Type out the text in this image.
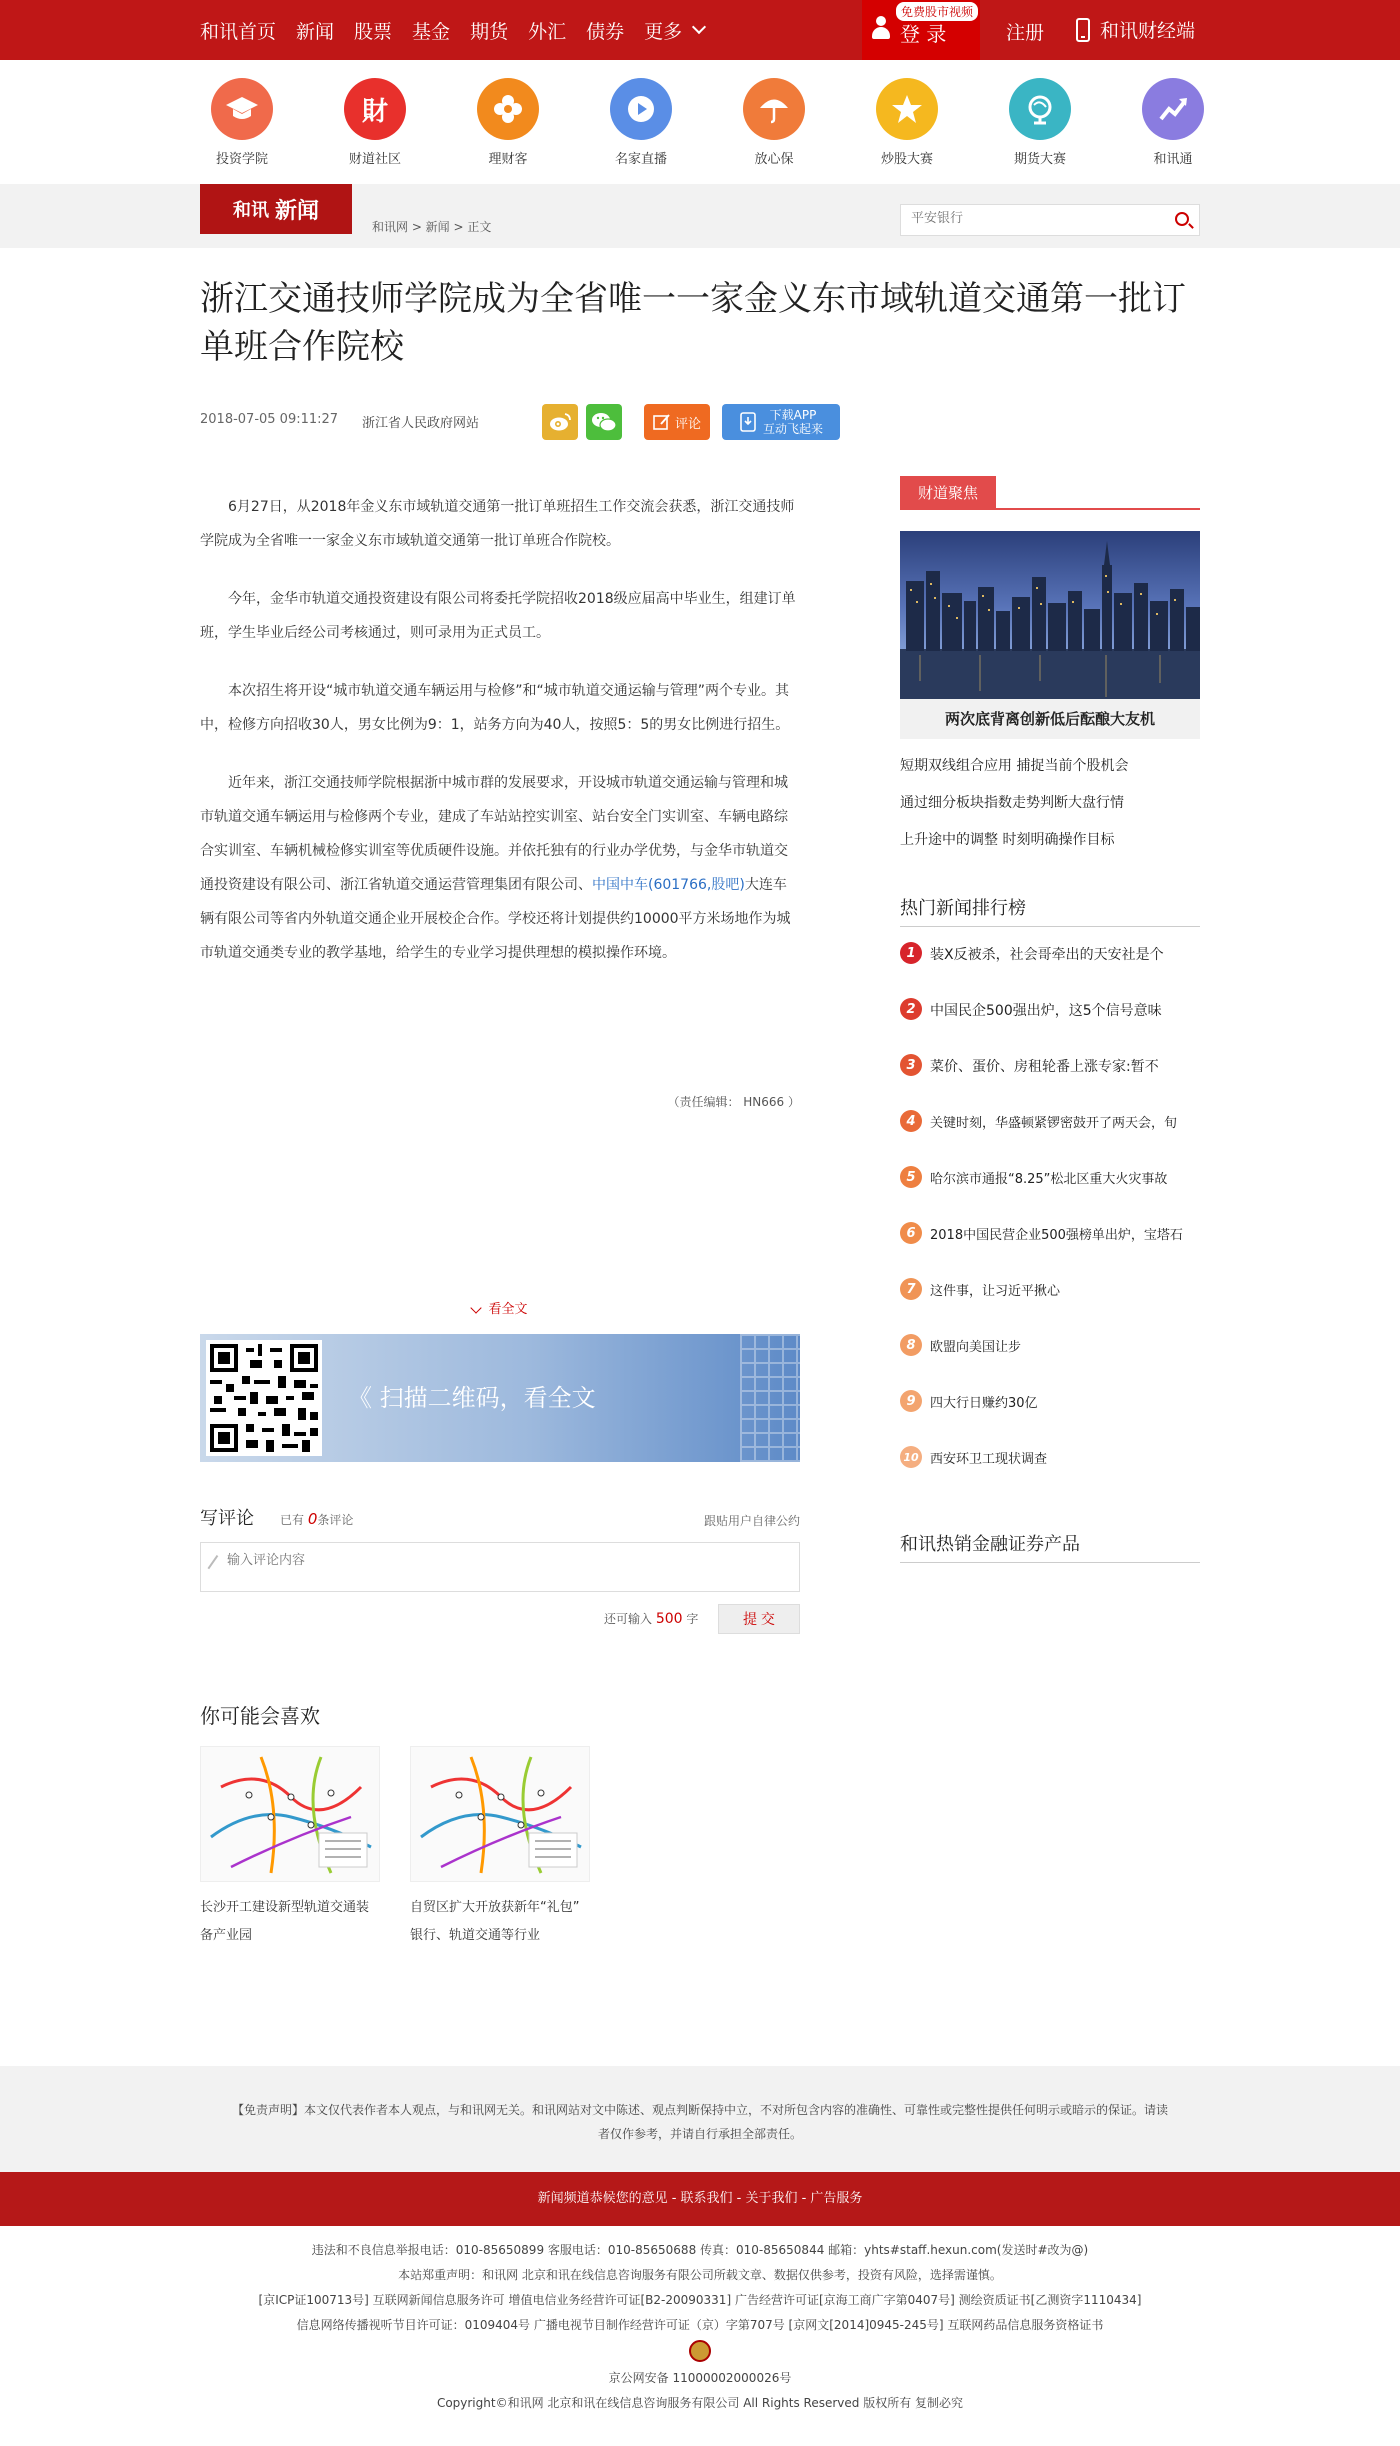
和讯首页 新闻 股票 基金 期货 外汇 债券 更多
免费股市视频
登 录	注册	和讯财经端
投资学院
財
财道社区	理财客	名家直播	放心保	炒股大赛	期货大赛	和讯通
和讯 新闻
和讯网 > 新闻 > 正文
平安银行
浙江交通技师学院成为全省唯一一家金义东市域轨道交通第一批订单班合作院校
2018-07-05 09:11:27 浙江省人民政府网站	评论
下载APP
互动飞起来

6月27日，从2018年金义东市域轨道交通第一批订单班招生工作交流会获悉，浙江交通技师学院成为全省唯一一家金义东市域轨道交通第一批订单班合作院校。

今年，金华市轨道交通投资建设有限公司将委托学院招收2018级应届高中毕业生，组建订单班，学生毕业后经公司考核通过，则可录用为正式员工。

本次招生将开设“城市轨道交通车辆运用与检修”和“城市轨道交通运输与管理”两个专业。其中，检修方向招收30人，男女比例为9：1，站务方向为40人，按照5：5的男女比例进行招生。

近年来，浙江交通技师学院根据浙中城市群的发展要求，开设城市轨道交通运输与管理和城市轨道交通车辆运用与检修两个专业，建成了车站站控实训室、站台安全门实训室、车辆电路综合实训室、车辆机械检修实训室等优质硬件设施。并依托独有的行业办学优势，与金华市轨道交通投资建设有限公司、浙江省轨道交通运营管理集团有限公司、中国中车(601766,股吧)大连车辆有限公司等省内外轨道交通企业开展校企合作。学校还将计划提供约10000平方米场地作为城市轨道交通类专业的教学基地，给学生的专业学习提供理想的模拟操作环境。

（责任编辑： HN666 ）
看全文
《 扫描二维码，看全文
写评论	已有 0条评论	跟贴用户自律公约
输入评论内容
还可输入 500 字	提 交
你可能会喜欢
长沙开工建设新型轨道交通装备产业园
自贸区扩大开放获新年“礼包” 银行、轨道交通等行业
财道聚焦
两次底背离创新低后酝酿大友机
短期双线组合应用 捕捉当前个股机会
通过细分板块指数走势判断大盘行情
上升途中的调整 时刻明确操作目标
热门新闻排行榜
1	装X反被杀，社会哥牵出的天安社是个
2	中国民企500强出炉，这5个信号意味
3	菜价、蛋价、房租轮番上涨专家:暂不
4	关键时刻，华盛顿紧锣密鼓开了两天会，旬
5	哈尔滨市通报“8.25”松北区重大火灾事故
6	2018中国民营企业500强榜单出炉，宝塔石
7	这件事，让习近平揪心
8	欧盟向美国让步
9	四大行日赚约30亿
10 西安环卫工现状调查
和讯热销金融证券产品

【免责声明】本文仅代表作者本人观点，与和讯网无关。和讯网站对文中陈述、观点判断保持中立，不对所包含内容的准确性、可靠性或完整性提供任何明示或暗示的保证。请读者仅作参考，并请自行承担全部责任。

新闻频道恭候您的意见 - 联系我们 - 关于我们 - 广告服务
违法和不良信息举报电话：010-85650899 客服电话：010-85650688 传真：010-85650844 邮箱：yhts#staff.hexun.com(发送时#改为@)
本站郑重声明：和讯网 北京和讯在线信息咨询服务有限公司所载文章、数据仅供参考，投资有风险，选择需谨慎。
[京ICP证100713号] 互联网新闻信息服务许可 增值电信业务经营许可证[B2-20090331] 广告经营许可证[京海工商广字第0407号] 测绘资质证书[乙测资字1110434]
信息网络传播视听节目许可证：0109404号 广播电视节目制作经营许可证（京）字第707号 [京网文[2014]0945-245号] 互联网药品信息服务资格证书
京公网安备 11000002000026号
Copyright©和讯网 北京和讯在线信息咨询服务有限公司 All Rights Reserved 版权所有 复制必究
